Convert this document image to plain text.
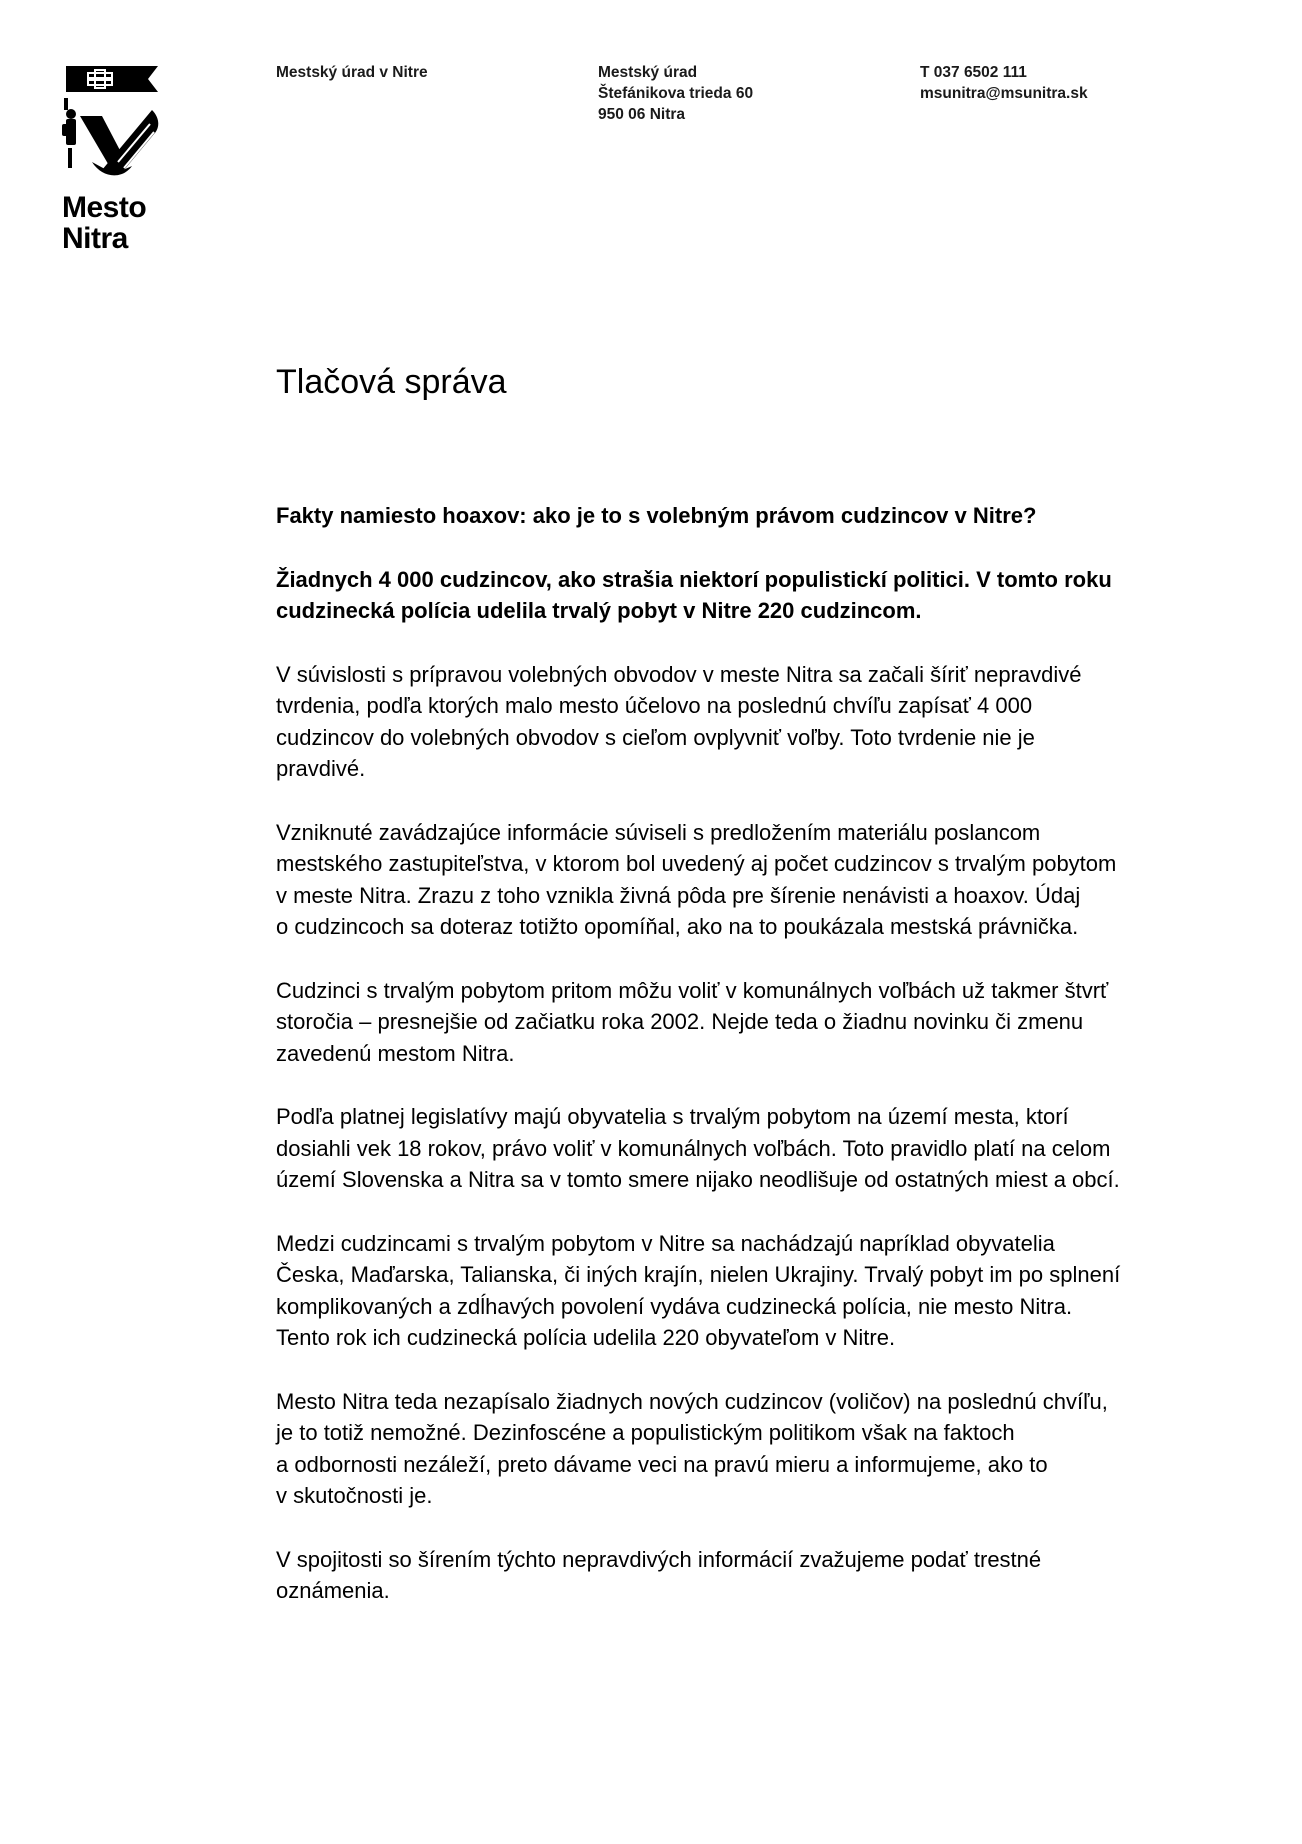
Mesto
Nitra
Mestský úrad v Nitre	Mestský úrad
Štefánikova trieda 60
950 06 Nitra
T 037 6502 111
msunitra@msunitra.sk
Tlačová správa

Fakty namiesto hoaxov: ako je to s volebným právom cudzincov v Nitre?

Žiadnych 4 000 cudzincov, ako strašia niektorí populistickí politici. V tomto roku
cudzinecká polícia udelila trvalý pobyt v Nitre 220 cudzincom.

V súvislosti s prípravou volebných obvodov v meste Nitra sa začali šíriť nepravdivé
tvrdenia, podľa ktorých malo mesto účelovo na poslednú chvíľu zapísať 4 000
cudzincov do volebných obvodov s cieľom ovplyvniť voľby. Toto tvrdenie nie je
pravdivé.

Vzniknuté zavádzajúce informácie súviseli s predložením materiálu poslancom
mestského zastupiteľstva, v ktorom bol uvedený aj počet cudzincov s trvalým pobytom
v meste Nitra. Zrazu z toho vznikla živná pôda pre šírenie nenávisti a hoaxov. Údaj
o cudzincoch sa doteraz totižto opomíňal, ako na to poukázala mestská právnička.

Cudzinci s trvalým pobytom pritom môžu voliť v komunálnych voľbách už takmer štvrť
storočia – presnejšie od začiatku roka 2002. Nejde teda o žiadnu novinku či zmenu
zavedenú mestom Nitra.

Podľa platnej legislatívy majú obyvatelia s trvalým pobytom na území mesta, ktorí
dosiahli vek 18 rokov, právo voliť v komunálnych voľbách. Toto pravidlo platí na celom
území Slovenska a Nitra sa v tomto smere nijako neodlišuje od ostatných miest a obcí.

Medzi cudzincami s trvalým pobytom v Nitre sa nachádzajú napríklad obyvatelia
Česka, Maďarska, Talianska, či iných krajín, nielen Ukrajiny. Trvalý pobyt im po splnení
komplikovaných a zdĺhavých povolení vydáva cudzinecká polícia, nie mesto Nitra.
Tento rok ich cudzinecká polícia udelila 220 obyvateľom v Nitre.

Mesto Nitra teda nezapísalo žiadnych nových cudzincov (voličov) na poslednú chvíľu,
je to totiž nemožné. Dezinfoscéne a populistickým politikom však na faktoch
a odbornosti nezáleží, preto dávame veci na pravú mieru a informujeme, ako to
v skutočnosti je.

V spojitosti so šírením týchto nepravdivých informácií zvažujeme podať trestné
oznámenia.
